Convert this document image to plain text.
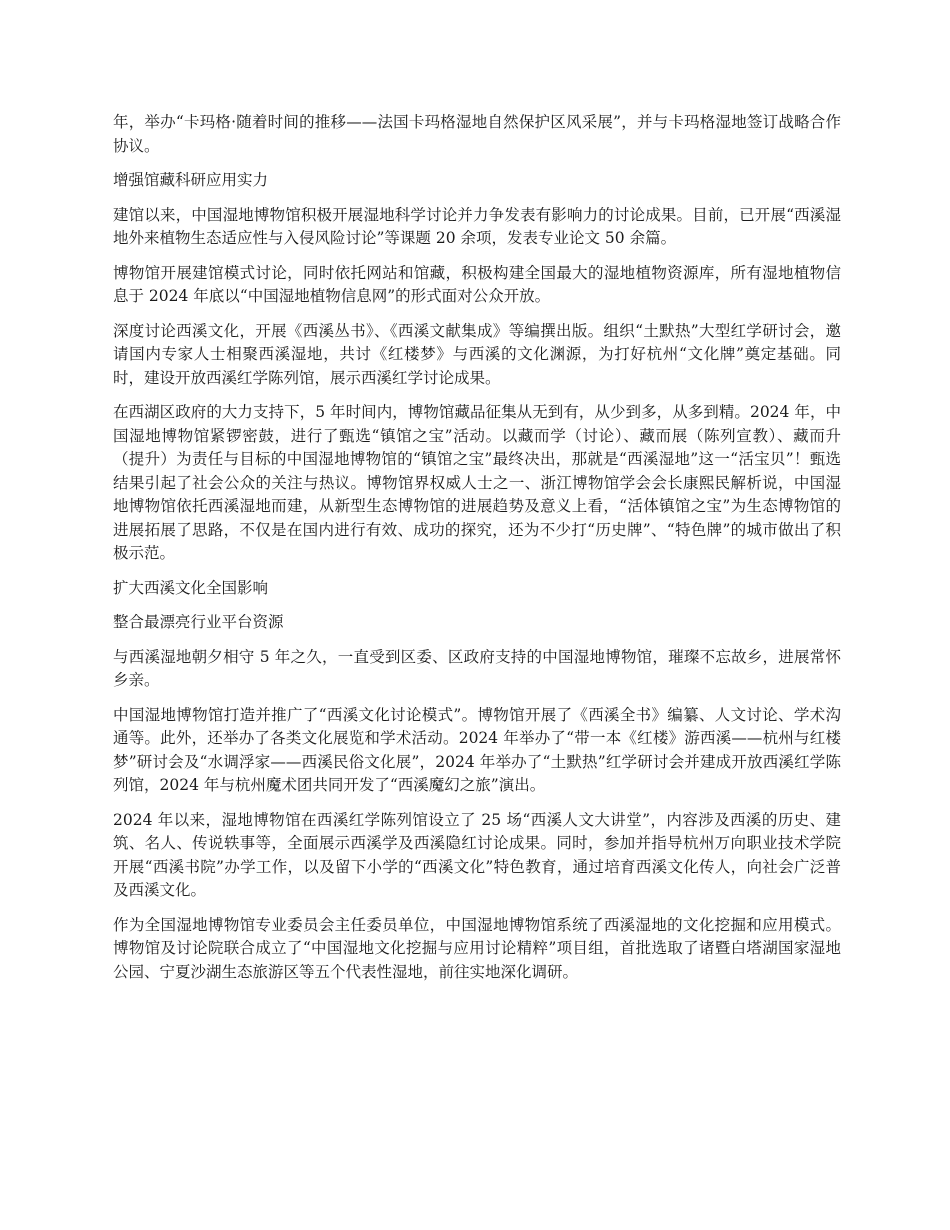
年，举办“卡玛格·随着时间的推移——法国卡玛格湿地自然保护区风采展”，并与卡玛格湿地签订战略合作协议。

增强馆藏科研应用实力

建馆以来，中国湿地博物馆积极开展湿地科学讨论并力争发表有影响力的讨论成果。目前，已开展“西溪湿地外来植物生态适应性与入侵风险讨论”等课题 20 余项，发表专业论文 50 余篇。

博物馆开展建馆模式讨论，同时依托网站和馆藏，积极构建全国最大的湿地植物资源库，所有湿地植物信息于 2024 年底以“中国湿地植物信息网”的形式面对公众开放。

深度讨论西溪文化，开展《西溪丛书》、《西溪文献集成》等编撰出版。组织“土默热”大型红学研讨会，邀请国内专家人士相聚西溪湿地，共讨《红楼梦》与西溪的文化渊源，为打好杭州“文化牌”奠定基础。同时，建设开放西溪红学陈列馆，展示西溪红学讨论成果。

在西湖区政府的大力支持下，5 年时间内，博物馆藏品征集从无到有，从少到多，从多到精。2024 年，中国湿地博物馆紧锣密鼓，进行了甄选“镇馆之宝”活动。以藏而学（讨论）、藏而展（陈列宣教）、藏而升（提升）为责任与目标的中国湿地博物馆的“镇馆之宝”最终决出，那就是“西溪湿地”这一“活宝贝”！甄选结果引起了社会公众的关注与热议。博物馆界权威人士之一、浙江博物馆学会会长康熙民解析说，中国湿地博物馆依托西溪湿地而建，从新型生态博物馆的进展趋势及意义上看，“活体镇馆之宝”为生态博物馆的进展拓展了思路，不仅是在国内进行有效、成功的探究，还为不少打“历史牌”、“特色牌”的城市做出了积极示范。

扩大西溪文化全国影响

整合最漂亮行业平台资源

与西溪湿地朝夕相守 5 年之久，一直受到区委、区政府支持的中国湿地博物馆，璀璨不忘故乡，进展常怀乡亲。

中国湿地博物馆打造并推广了“西溪文化讨论模式”。博物馆开展了《西溪全书》编纂、人文讨论、学术沟通等。此外，还举办了各类文化展览和学术活动。2024 年举办了“带一本《红楼》游西溪——杭州与红楼梦”研讨会及“水调浮家——西溪民俗文化展”，2024 年举办了“土默热”红学研讨会并建成开放西溪红学陈列馆，2024 年与杭州魔术团共同开发了“西溪魔幻之旅”演出。

2024 年以来，湿地博物馆在西溪红学陈列馆设立了 25 场“西溪人文大讲堂”，内容涉及西溪的历史、建筑、名人、传说轶事等，全面展示西溪学及西溪隐红讨论成果。同时，参加并指导杭州万向职业技术学院开展“西溪书院”办学工作，以及留下小学的“西溪文化”特色教育，通过培育西溪文化传人，向社会广泛普及西溪文化。

作为全国湿地博物馆专业委员会主任委员单位，中国湿地博物馆系统了西溪湿地的文化挖掘和应用模式。博物馆及讨论院联合成立了“中国湿地文化挖掘与应用讨论精粹”项目组，首批选取了诸暨白塔湖国家湿地公园、宁夏沙湖生态旅游区等五个代表性湿地，前往实地深化调研。
